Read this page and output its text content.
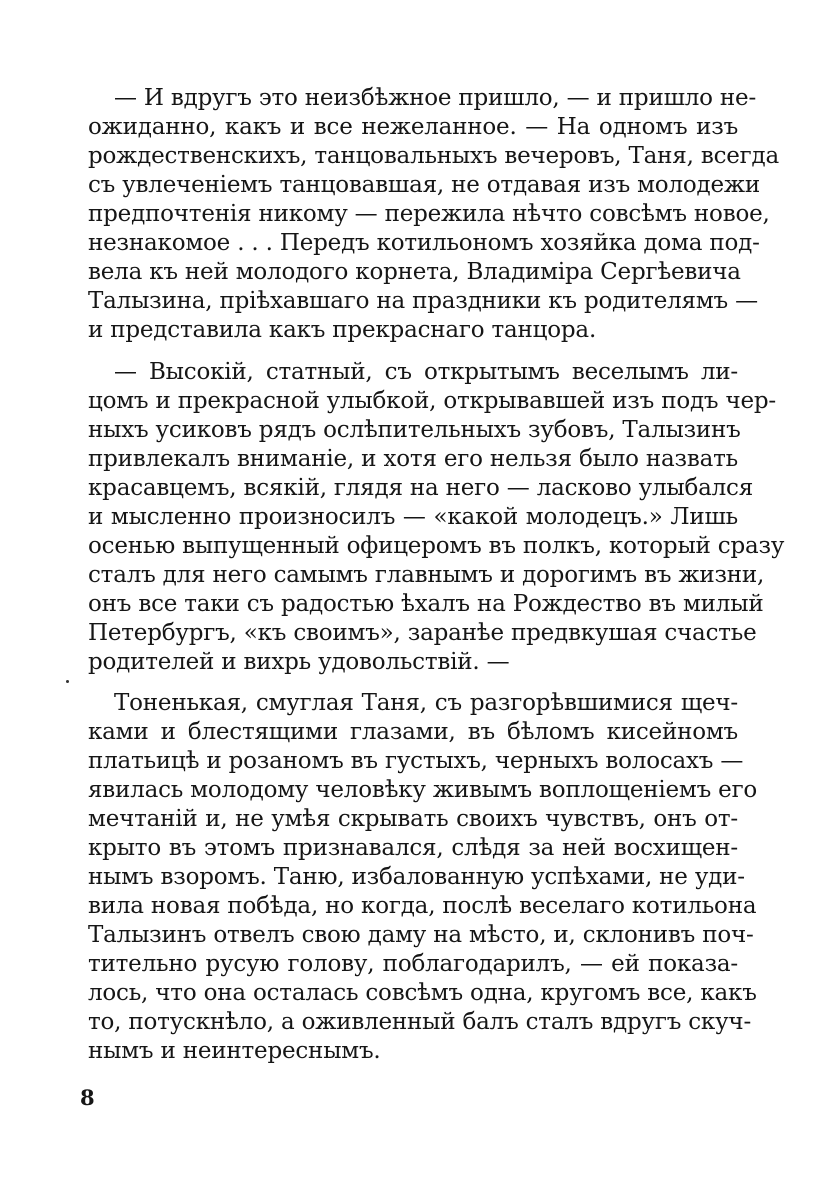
— И вдругъ это неизбѣжное пришло, — и пришло не-
ожиданно, какъ и все нежеланное. — На одномъ изъ
рождественскихъ, танцовальныхъ вечеровъ, Таня, всегда
съ увлеченіемъ танцовавшая, не отдавая изъ молодежи
предпочтенія никому — пережила нѣчто совсѣмъ новое,
незнакомое . . . Передъ котильономъ хозяйка дома под-
вела къ ней молодого корнета, Владиміра Сергѣевича
Талызина, пріѣхавшаго на праздники къ родителямъ —
и представила какъ прекраснаго танцора.
— Высокій, статный, съ открытымъ веселымъ ли-
цомъ и прекрасной улыбкой, открывавшей изъ подъ чер-
ныхъ усиковъ рядъ ослѣпительныхъ зубовъ, Талызинъ
привлекалъ вниманіе, и хотя его нельзя было назвать
красавцемъ, всякій, глядя на него — ласково улыбался
и мысленно произносилъ — «какой молодецъ.» Лишь
осенью выпущенный офицеромъ въ полкъ, который сразу
сталъ для него самымъ главнымъ и дорогимъ въ жизни,
онъ все таки съ радостью ѣхалъ на Рождество въ милый
Петербургъ, «къ своимъ», заранѣе предвкушая счастье
родителей и вихрь удовольствій. —
Тоненькая, смуглая Таня, съ разгорѣвшимися щеч-
ками и блестящими глазами, въ бѣломъ кисейномъ
платьицѣ и розаномъ въ густыхъ, черныхъ волосахъ —
явилась молодому человѣку живымъ воплощеніемъ его
мечтаній и, не умѣя скрывать своихъ чувствъ, онъ от-
крыто въ этомъ признавался, слѣдя за ней восхищен-
нымъ взоромъ. Таню, избалованную успѣхами, не уди-
вила новая побѣда, но когда, послѣ веселаго котильона
Талызинъ отвелъ свою даму на мѣсто, и, склонивъ поч-
тительно русую голову, поблагодарилъ, — ей показа-
лось, что она осталась совсѣмъ одна, кругомъ все, какъ
то, потускнѣло, а оживленный балъ сталъ вдругъ скуч-
нымъ и неинтереснымъ.
8
